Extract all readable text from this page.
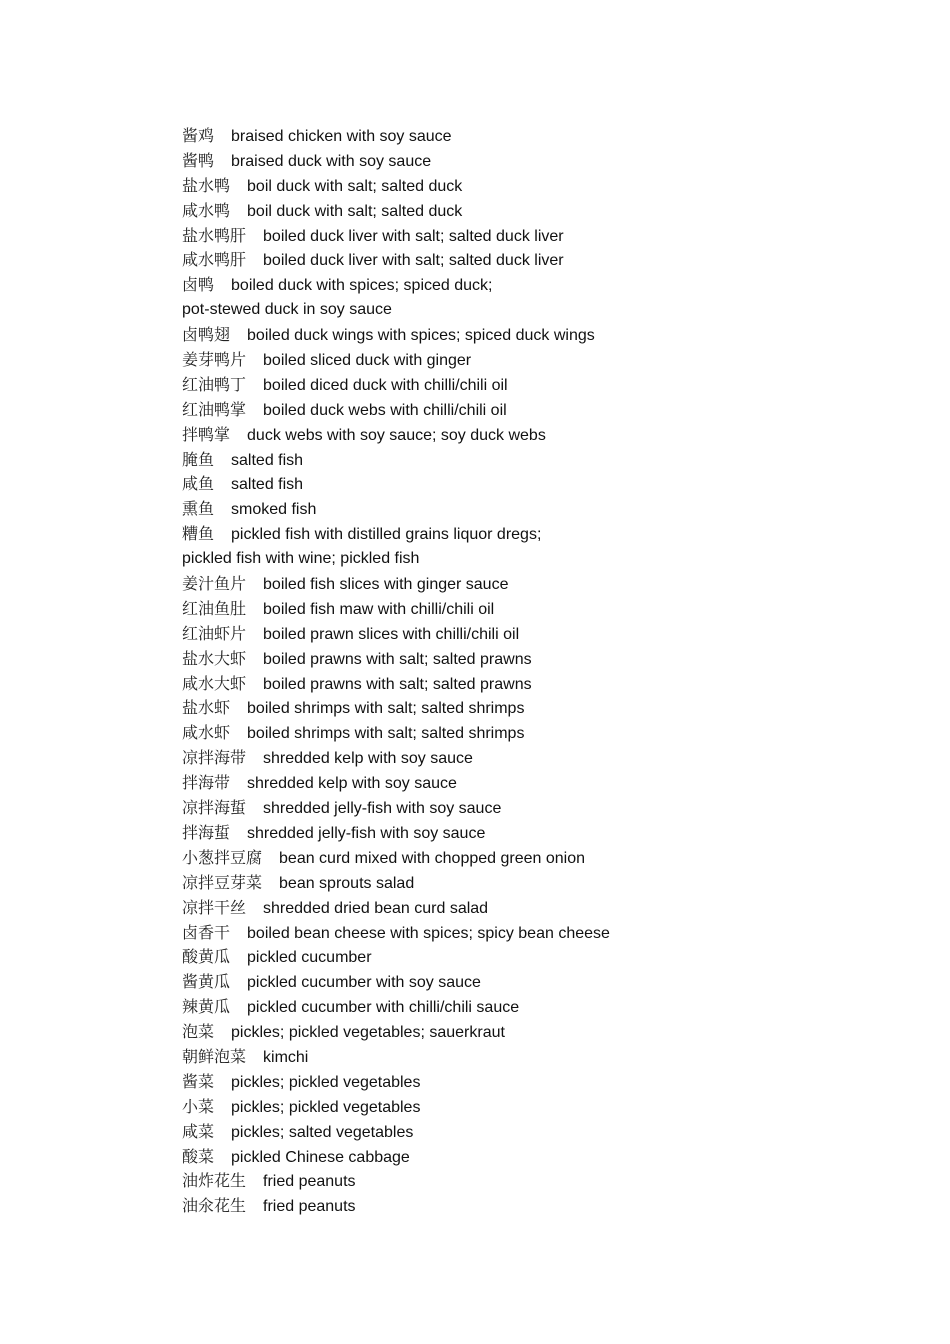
酱鸡 braised chicken with soy sauce
酱鸭 braised duck with soy sauce
盐水鸭 boil duck with salt; salted duck
咸水鸭 boil duck with salt; salted duck
盐水鸭肝 boiled duck liver with salt; salted duck liver
咸水鸭肝 boiled duck liver with salt; salted duck liver
卤鸭 boiled duck with spices; spiced duck;
pot-stewed duck in soy sauce
卤鸭翅 boiled duck wings with spices; spiced duck wings
姜芽鸭片 boiled sliced duck with ginger
红油鸭丁 boiled diced duck with chilli/chili oil
红油鸭掌 boiled duck webs with chilli/chili oil
拌鸭掌 duck webs with soy sauce; soy duck webs
腌鱼 salted fish
咸鱼 salted fish
熏鱼 smoked fish
糟鱼 pickled fish with distilled grains liquor dregs;
pickled fish with wine; pickled fish
姜汁鱼片 boiled fish slices with ginger sauce
红油鱼肚 boiled fish maw with chilli/chili oil
红油虾片 boiled prawn slices with chilli/chili oil
盐水大虾 boiled prawns with salt; salted prawns
咸水大虾 boiled prawns with salt; salted prawns
盐水虾 boiled shrimps with salt; salted shrimps
咸水虾 boiled shrimps with salt; salted shrimps
凉拌海带 shredded kelp with soy sauce
拌海带 shredded kelp with soy sauce
凉拌海蜇 shredded jelly-fish with soy sauce
拌海蜇 shredded jelly-fish with soy sauce
小葱拌豆腐 bean curd mixed with chopped green onion
凉拌豆芽菜 bean sprouts salad
凉拌干丝 shredded dried bean curd salad
卤香干 boiled bean cheese with spices; spicy bean cheese
酸黄瓜 pickled cucumber
酱黄瓜 pickled cucumber with soy sauce
辣黄瓜 pickled cucumber with chilli/chili sauce
泡菜 pickles; pickled vegetables; sauerkraut
朝鲜泡菜 kimchi
酱菜 pickles; pickled vegetables
小菜 pickles; pickled vegetables
咸菜 pickles; salted vegetables
酸菜 pickled Chinese cabbage
油炸花生 fried peanuts
油氽花生 fried peanuts
